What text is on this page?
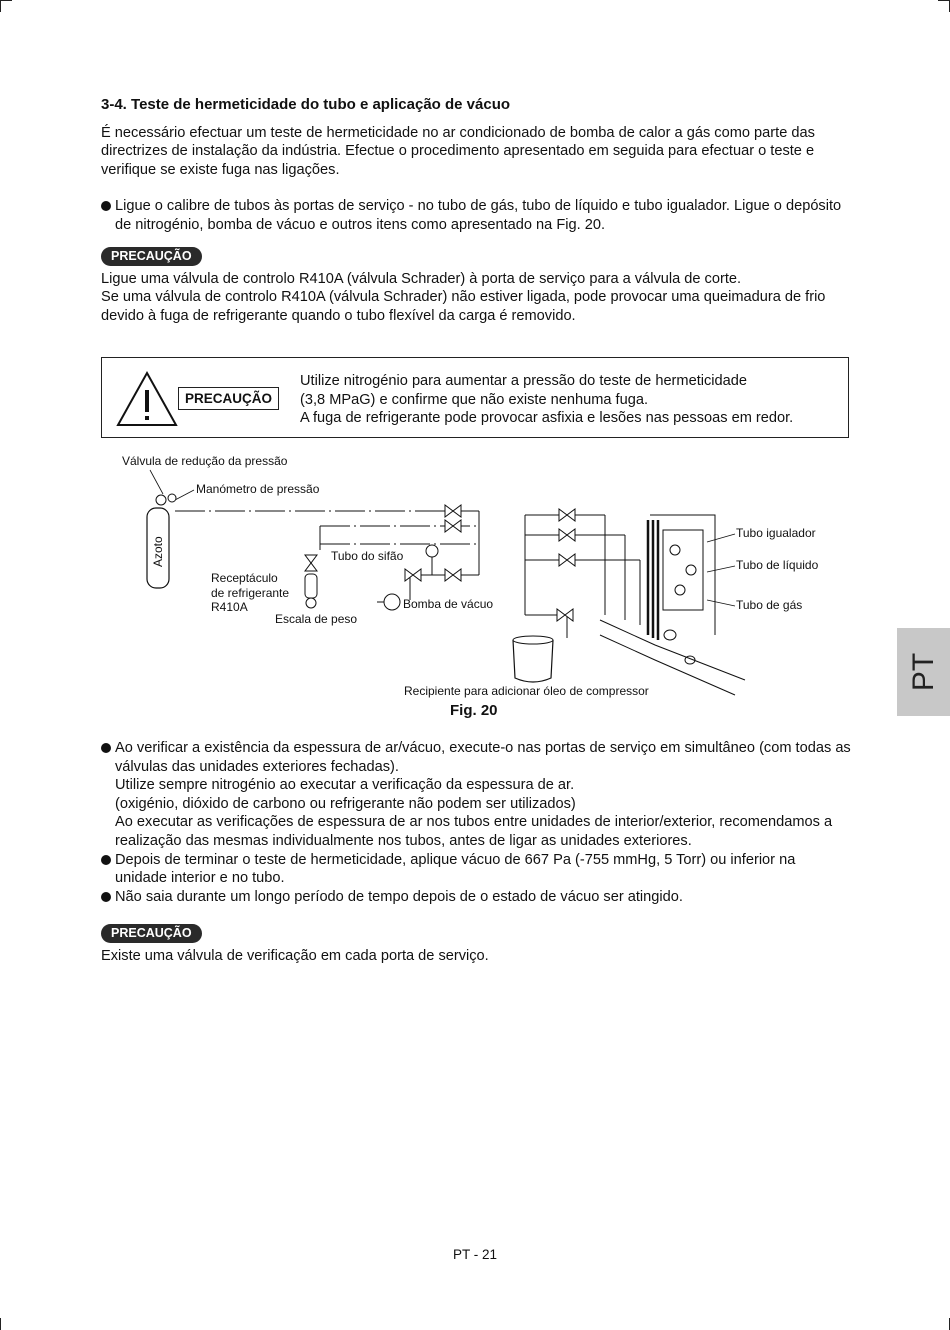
3-4. Teste de hermeticidade do tubo e aplicação de vácuo

É necessário efectuar um teste de hermeticidade no ar condicionado de bomba de calor a gás como parte das directrizes de instalação da indústria. Efectue o procedimento apresentado em seguida para efectuar o teste e verifique se existe fuga nas ligações.

Ligue o calibre de tubos às portas de serviço - no tubo de gás, tubo de líquido e tubo igualador. Ligue o depósito de nitrogénio, bomba de vácuo e outros itens como apresentado na Fig. 20.

PRECAUÇÃO

Ligue uma válvula de controlo R410A (válvula Schrader) à porta de serviço para a válvula de corte.

Se uma válvula de controlo R410A (válvula Schrader) não estiver ligada, pode provocar uma queimadura de frio devido à fuga de refrigerante quando o tubo flexível da carga é removido.

PRECAUÇÃO
Utilize nitrogénio para aumentar a pressão do teste de hermeticidade
(3,8 MPaG) e confirme que não existe nenhuma fuga.
A fuga de refrigerante pode provocar asfixia e lesões nas pessoas em redor.
Válvula de redução da pressão
Manómetro de pressão
Tubo do sifão
Receptáculo
de refrigerante
R410A
Escala de peso
Bomba de vácuo
Tubo igualador
Tubo de líquido
Tubo de gás
Recipiente para adicionar óleo de compressor
Azoto
Fig. 20

Ao verificar a existência da espessura de ar/vácuo, execute-o nas portas de serviço em simultâneo (com todas as válvulas das unidades exteriores fechadas).

Utilize sempre nitrogénio ao executar a verificação da espessura de ar.

(oxigénio, dióxido de carbono ou refrigerante não podem ser utilizados)

Ao executar as verificações de espessura de ar nos tubos entre unidades de interior/exterior, recomendamos a realização das mesmas individualmente nos tubos, antes de ligar as unidades exteriores.

Depois de terminar o teste de hermeticidade, aplique vácuo de 667 Pa (-755 mmHg, 5 Torr) ou inferior na unidade interior e no tubo.

Não saia durante um longo período de tempo depois de o estado de vácuo ser atingido.

PRECAUÇÃO

Existe uma válvula de verificação em cada porta de serviço.

PT
PT - 21
